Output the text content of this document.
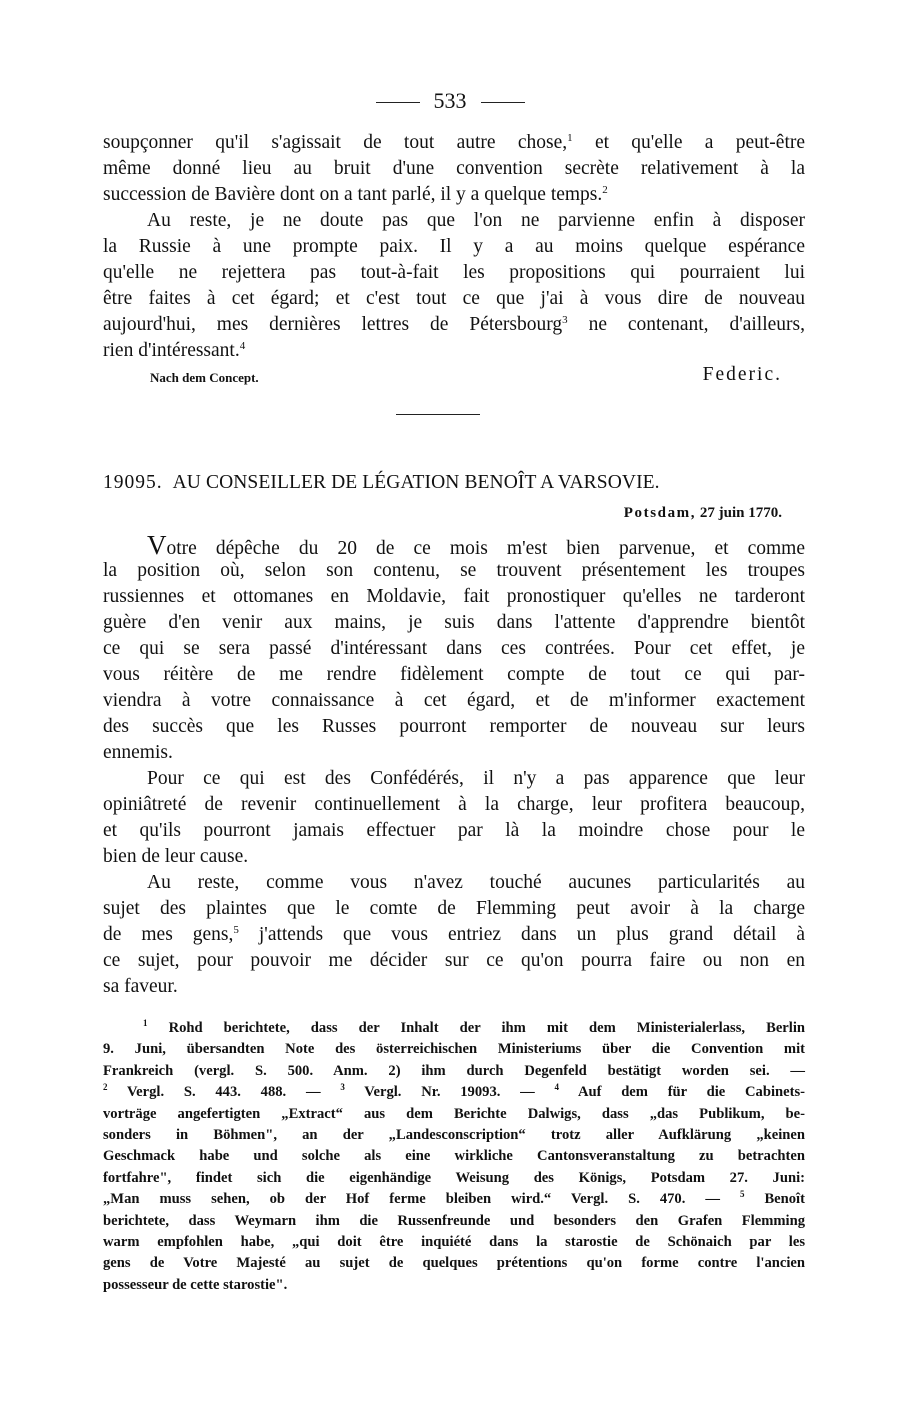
533
soupçonner qu'il s'agissait de tout autre chose,$^1$ et qu'elle a peut-être
même donné lieu au bruit d'une convention secrète relativement à la
succession de Bavière dont on a tant parlé, il y a quelque temps.$^2$
Au reste, je ne doute pas que l'on ne parvienne enfin à disposer
la Russie à une prompte paix. Il y a au moins quelque espérance
qu'elle ne rejettera pas tout-à-fait les propositions qui pourraient lui
être faites à cet égard; et c'est tout ce que j'ai à vous dire de nouveau
aujourd'hui, mes dernières lettres de Pétersbourg$^3$ ne contenant, d'ailleurs,
rien d'intéressant.$^4$
Nach dem Concept.	Federic.
19095. AU CONSEILLER DE LÉGATION BENOÎT A VARSOVIE.
Potsdam, 27 juin 1770.
Votre dépêche du 20 de ce mois m'est bien parvenue, et comme
la position où, selon son contenu, se trouvent présentement les troupes
russiennes et ottomanes en Moldavie, fait pronostiquer qu'elles ne tarderont
guère d'en venir aux mains, je suis dans l'attente d'apprendre bientôt
ce qui se sera passé d'intéressant dans ces contrées. Pour cet effet, je
vous réitère de me rendre fidèlement compte de tout ce qui par-
viendra à votre connaissance à cet égard, et de m'informer exactement
des succès que les Russes pourront remporter de nouveau sur leurs
ennemis.
Pour ce qui est des Confédérés, il n'y a pas apparence que leur
opiniâtreté de revenir continuellement à la charge, leur profitera beaucoup,
et qu'ils pourront jamais effectuer par là la moindre chose pour le
bien de leur cause.
Au reste, comme vous n'avez touché aucunes particularités au
sujet des plaintes que le comte de Flemming peut avoir à la charge
de mes gens,$^5$ j'attends que vous entriez dans un plus grand détail à
ce sujet, pour pouvoir me décider sur ce qu'on pourra faire ou non en
sa faveur.
$^1$ Rohd berichtete, dass der Inhalt der ihm mit dem Ministerialerlass, Berlin
9. Juni, übersandten Note des österreichischen Ministeriums über die Convention mit
Frankreich (vergl. S. 500. Anm. 2) ihm durch Degenfeld bestätigt worden sei. —
$^2$ Vergl. S. 443. 488. — $^3$ Vergl. Nr. 19093. — $^4$ Auf dem für die Cabinets-
vorträge angefertigten „Extract“ aus dem Berichte Dalwigs, dass „das Publikum, be-
sonders in Böhmen", an der „Landesconscription“ trotz aller Aufklärung „keinen
Geschmack habe und solche als eine wirkliche Cantonsveranstaltung zu betrachten
fortfahre", findet sich die eigenhändige Weisung des Königs, Potsdam 27. Juni:
„Man muss sehen, ob der Hof ferme bleiben wird.“ Vergl. S. 470. — $^5$ Benoît
berichtete, dass Weymarn ihm die Russenfreunde und besonders den Grafen Flemming
warm empfohlen habe, „qui doit être inquiété dans la starostie de Schönaich par les
gens de Votre Majesté au sujet de quelques prétentions qu'on forme contre l'ancien
possesseur de cette starostie".
